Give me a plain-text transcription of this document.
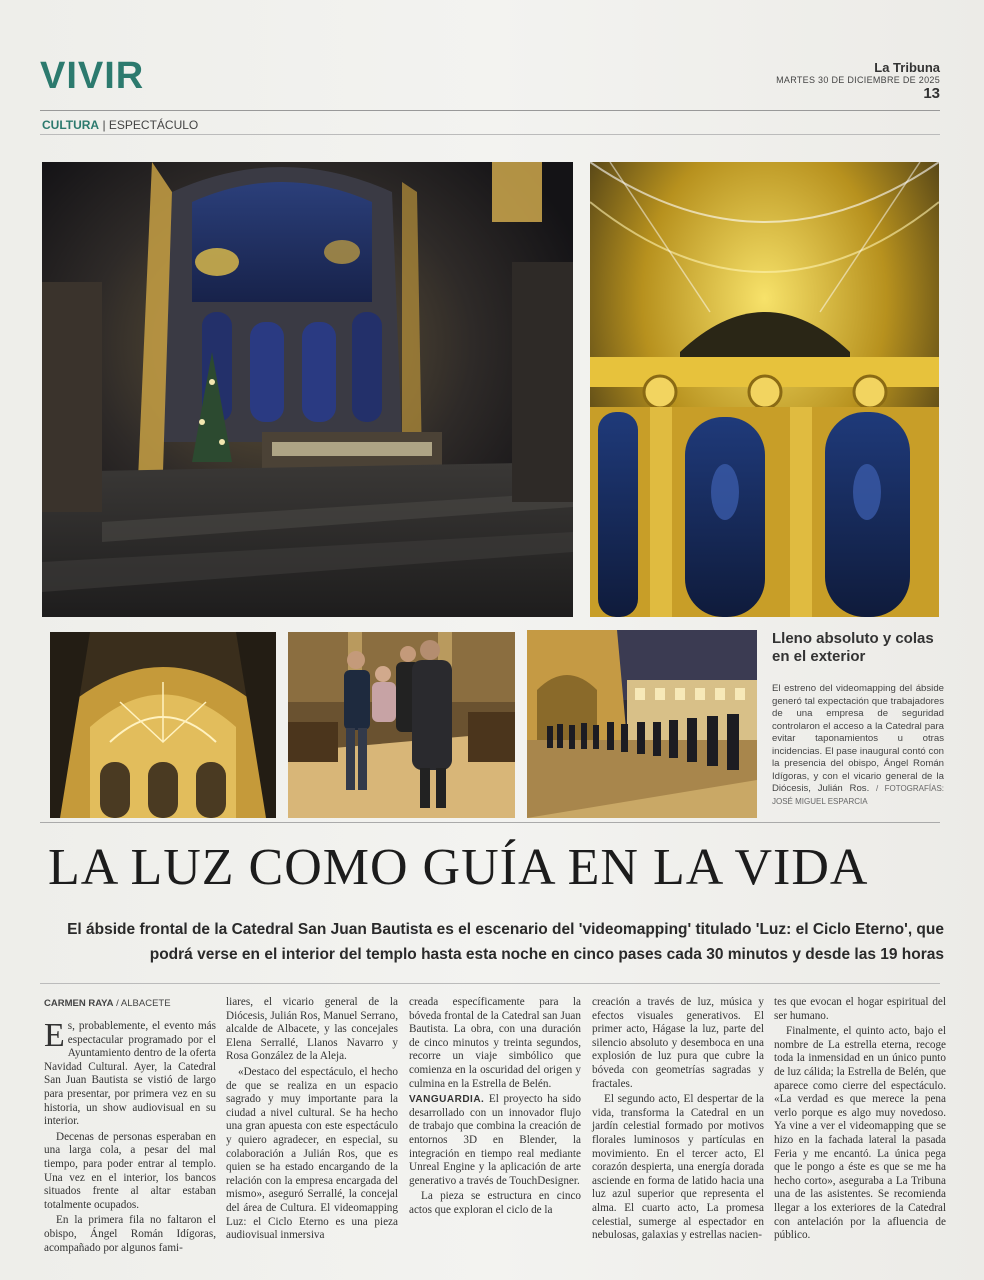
VIVIR	La Tribuna
MARTES 30 DE DICIEMBRE DE 2025
13
CULTURA | ESPECTÁCULO
Lleno absoluto y colas en el exterior
El estreno del videomapping del ábside generó tal expectación que trabajadores de una empresa de seguridad controlaron el acceso a la Catedral para evitar taponamientos u otras incidencias. El pase inaugural contó con la presencia del obispo, Ángel Román Idígoras, y con el vicario general de la Diócesis, Julián Ros. / FOTOGRAFÍAS: JOSÉ MIGUEL ESPARCIA
LA LUZ COMO GUÍA EN LA VIDA
El ábside frontal de la Catedral San Juan Bautista es el escenario del 'videomapping' titulado 'Luz: el Ciclo Eterno', que podrá verse en el interior del templo hasta esta noche en cinco pases cada 30 minutos y desde las 19 horas
CARMEN RAYA / ALBACETE

Es, probablemente, el evento más espectacular programado por el Ayuntamiento dentro de la oferta Navidad Cultural. Ayer, la Catedral San Juan Bautista se vistió de largo para presentar, por primera vez en su historia, un show audiovisual en su interior.

Decenas de personas esperaban en una larga cola, a pesar del mal tiempo, para poder entrar al templo. Una vez en el interior, los bancos situados frente al altar estaban totalmente ocupados.

En la primera fila no faltaron el obispo, Ángel Román Idígoras, acompañado por algunos fami-

liares, el vicario general de la Diócesis, Julián Ros, Manuel Serrano, alcalde de Albacete, y las concejales Elena Serrallé, Llanos Navarro y Rosa González de la Aleja.

«Destaco del espectáculo, el hecho de que se realiza en un espacio sagrado y muy importante para la ciudad a nivel cultural. Se ha hecho una gran apuesta con este espectáculo y quiero agradecer, en especial, su colaboración a Julián Ros, que es quien se ha estado encargando de la relación con la empresa encargada del mismo», aseguró Serrallé, la concejal del área de Cultura. El videomapping Luz: el Ciclo Eterno es una pieza audiovisual inmersiva

creada específicamente para la bóveda frontal de la Catedral san Juan Bautista. La obra, con una duración de cinco minutos y treinta segundos, recorre un viaje simbólico que comienza en la oscuridad del origen y culmina en la Estrella de Belén.

VANGUARDIA. El proyecto ha sido desarrollado con un innovador flujo de trabajo que combina la creación de entornos 3D en Blender, la integración en tiempo real mediante Unreal Engine y la aplicación de arte generativo a través de TouchDesigner.

La pieza se estructura en cinco actos que exploran el ciclo de la

creación a través de luz, música y efectos visuales generativos. El primer acto, Hágase la luz, parte del silencio absoluto y desemboca en una explosión de luz pura que cubre la bóveda con geometrías sagradas y fractales.

El segundo acto, El despertar de la vida, transforma la Catedral en un jardín celestial formado por motivos florales luminosos y partículas en movimiento. En el tercer acto, El corazón despierta, una energía dorada asciende en forma de latido hacia una luz azul superior que representa el alma. El cuarto acto, La promesa celestial, sumerge al espectador en nebulosas, galaxias y estrellas nacien-

tes que evocan el hogar espiritual del ser humano.

Finalmente, el quinto acto, bajo el nombre de La estrella eterna, recoge toda la inmensidad en un único punto de luz cálida; la Estrella de Belén, que aparece como cierre del espectáculo. «La verdad es que merece la pena verlo porque es algo muy novedoso. Ya vine a ver el videomapping que se hizo en la fachada lateral la pasada Feria y me encantó. La única pega que le pongo a éste es que se me ha hecho corto», aseguraba a La Tribuna una de las asistentes. Se recomienda llegar a los exteriores de la Catedral con antelación por la afluencia de público.
